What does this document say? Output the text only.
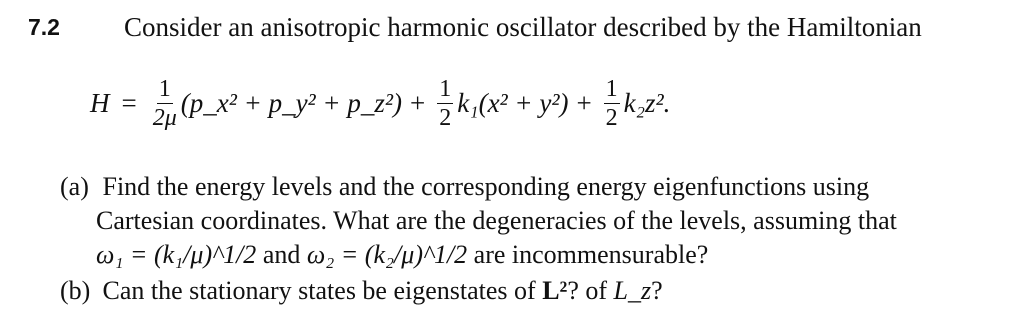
7.2 Consider an anisotropic harmonic oscillator described by the Hamiltonian
$H = \frac{1}{2\mu}$ (p_x² + p_y² + p_z²) + $\frac{1}{2} k_1(x^2 + y^2) + \frac{1}{2} k_2z^2$.
(a) Find the energy levels and the corresponding energy eigenfunctions using
Cartesian coordinates. What are the degeneracies of the levels, assuming that
ω₁ = (k₁/μ)^1/2 and ω₂ = (k₂/μ)^1/2 are incommensurable?
(b) Can the stationary states be eigenstates of L²? of L_z?
